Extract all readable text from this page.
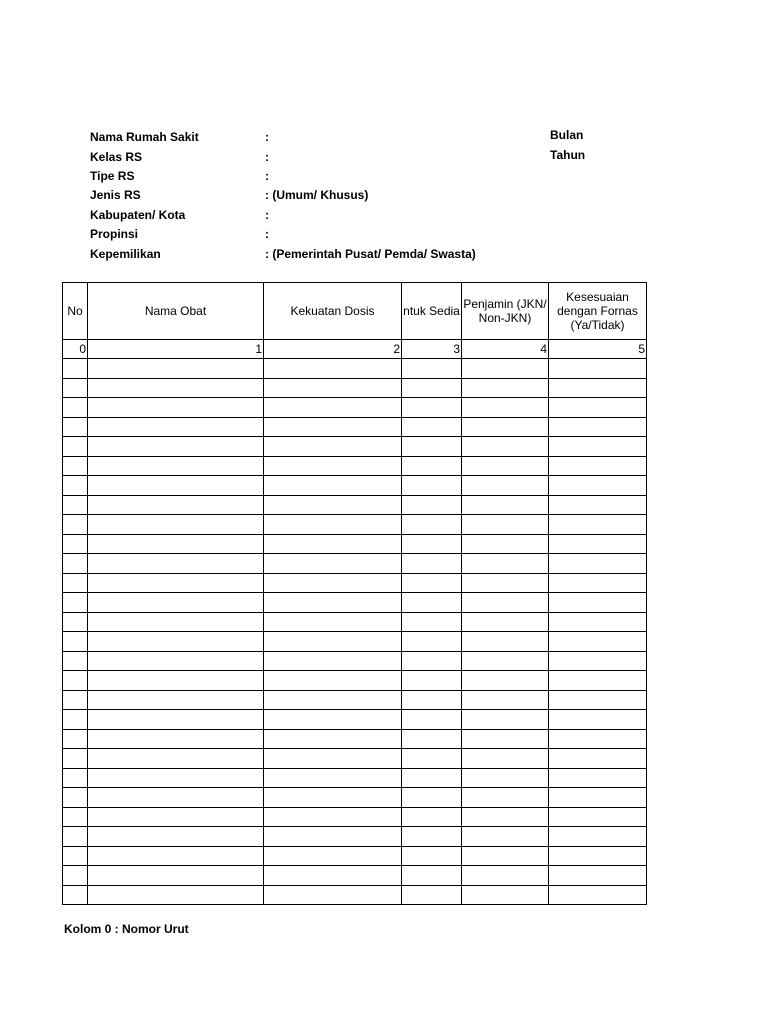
Nama Rumah Sakit	:
Kelas RS	:
Tipe RS	:
Jenis RS	: (Umum/ Khusus)
Kabupaten/ Kota	:
Propinsi	:
Kepemilikan	: (Pemerintah Pusat/ Pemda/ Swasta)
Bulan
Tahun
No	Nama Obat	Kekuatan Dosis	ntuk Sedia	Penjamin (JKN/ Non-JKN)	Kesesuaian dengan Fornas (Ya/Tidak)
0	1	2	3	4	5

Kolom 0 : Nomor Urut
